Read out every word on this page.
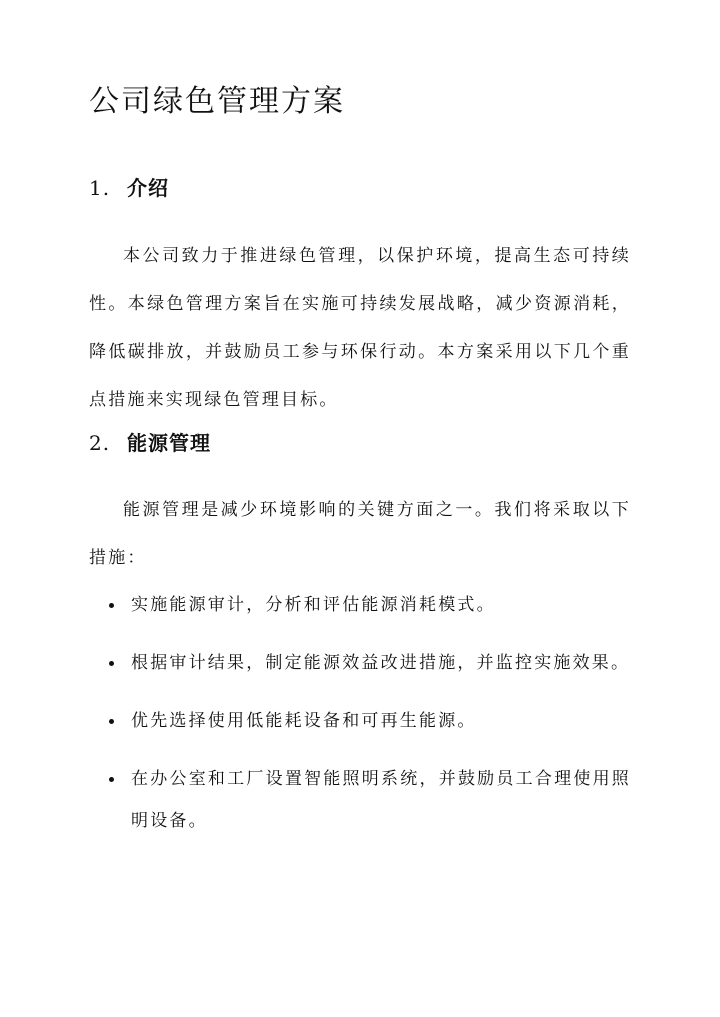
公司绿色管理方案
1. 介绍

本公司致力于推进绿色管理，以保护环境，提高生态可持续性。本绿色管理方案旨在实施可持续发展战略，减少资源消耗，降低碳排放，并鼓励员工参与环保行动。本方案采用以下几个重点措施来实现绿色管理目标。

2. 能源管理

能源管理是减少环境影响的关键方面之一。我们将采取以下措施：

实施能源审计，分析和评估能源消耗模式。
根据审计结果，制定能源效益改进措施，并监控实施效果。
优先选择使用低能耗设备和可再生能源。
在办公室和工厂设置智能照明系统，并鼓励员工合理使用照明设备。
